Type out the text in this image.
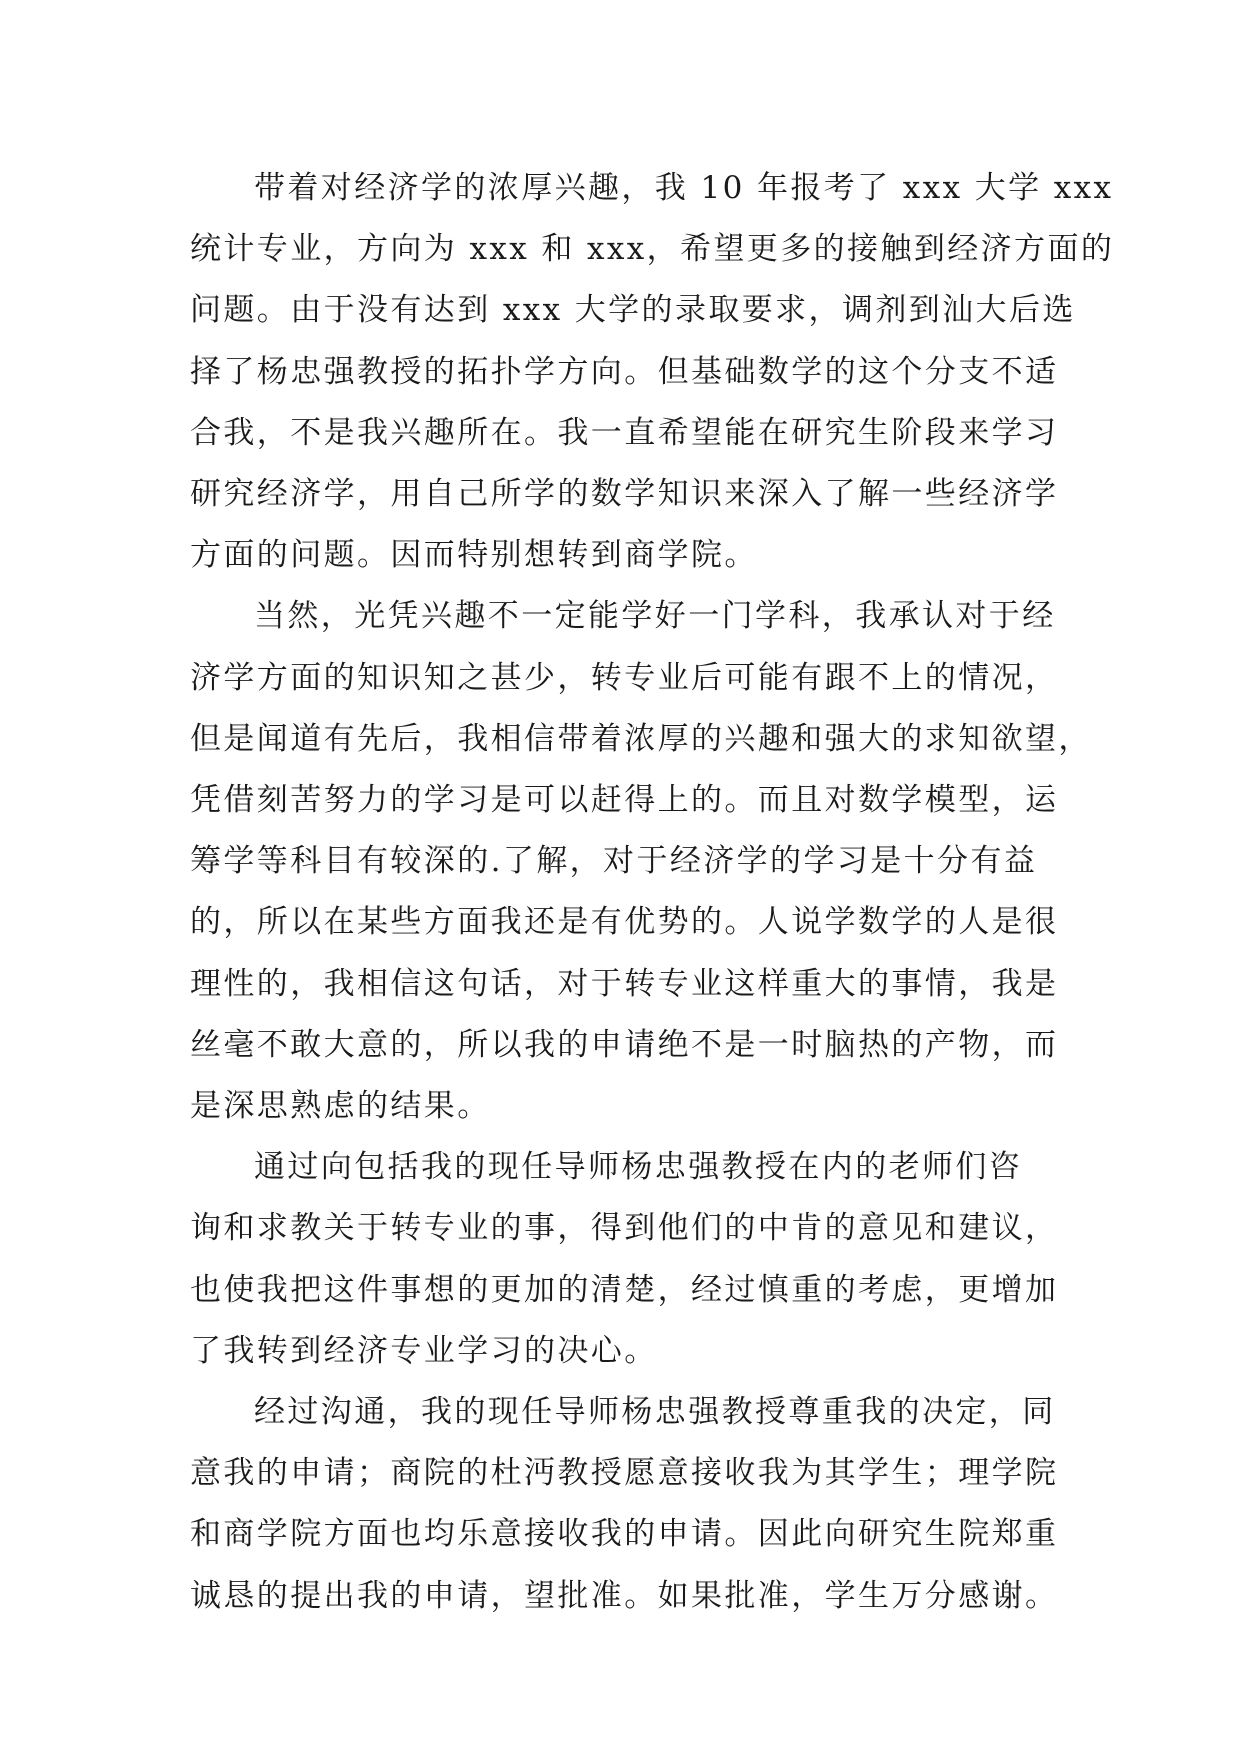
带着对经济学的浓厚兴趣，我 10 年报考了 xxx 大学 xxx
统计专业，方向为 xxx 和 xxx，希望更多的接触到经济方面的
问题。由于没有达到 xxx 大学的录取要求，调剂到汕大后选
择了杨忠强教授的拓扑学方向。但基础数学的这个分支不适
合我，不是我兴趣所在。我一直希望能在研究生阶段来学习
研究经济学，用自己所学的数学知识来深入了解一些经济学
方面的问题。因而特别想转到商学院。

当然，光凭兴趣不一定能学好一门学科，我承认对于经
济学方面的知识知之甚少，转专业后可能有跟不上的情况，
但是闻道有先后，我相信带着浓厚的兴趣和强大的求知欲望，
凭借刻苦努力的学习是可以赶得上的。而且对数学模型，运
筹学等科目有较深的.了解，对于经济学的学习是十分有益
的，所以在某些方面我还是有优势的。人说学数学的人是很
理性的，我相信这句话，对于转专业这样重大的事情，我是
丝毫不敢大意的，所以我的申请绝不是一时脑热的产物，而
是深思熟虑的结果。

通过向包括我的现任导师杨忠强教授在内的老师们咨
询和求教关于转专业的事，得到他们的中肯的意见和建议，
也使我把这件事想的更加的清楚，经过慎重的考虑，更增加
了我转到经济专业学习的决心。

经过沟通，我的现任导师杨忠强教授尊重我的决定，同
意我的申请；商院的杜沔教授愿意接收我为其学生；理学院
和商学院方面也均乐意接收我的申请。因此向研究生院郑重
诚恳的提出我的申请，望批准。如果批准，学生万分感谢。
